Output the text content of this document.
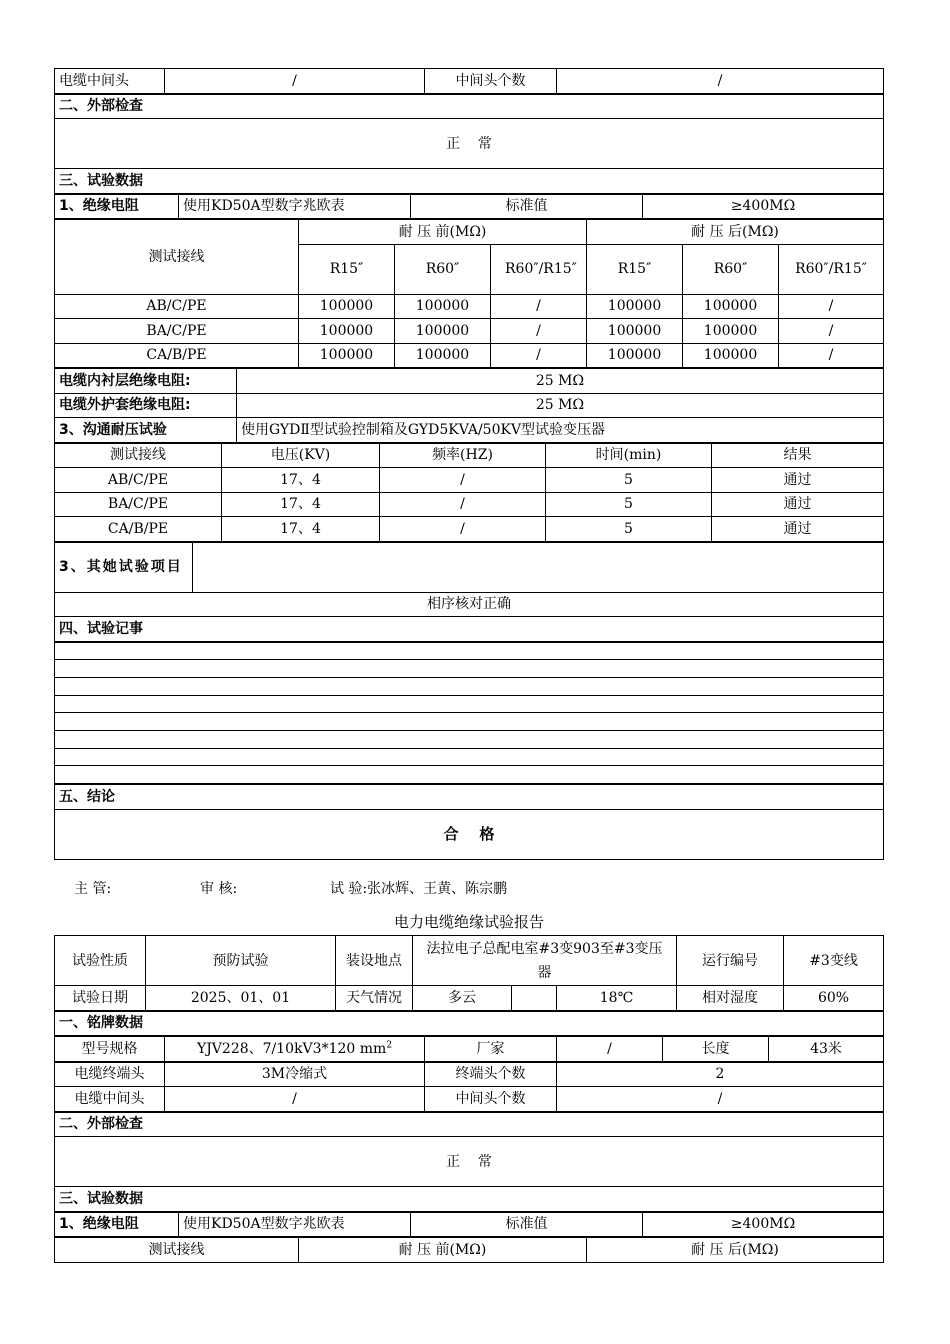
电缆中间头	/	中间头个数	/
二、外部检查
正    常
三、试验数据
1、绝缘电阻	使用KD50A型数字兆欧表	标准值	≥400MΩ
测试接线	耐 压 前(MΩ)			耐 压 后(MΩ)		
	R15″	R60″	R60″/R15″	R15″	R60″	R60″/R15″
AB/C/PE	100000	100000	/	100000	100000	/
BA/C/PE	100000	100000	/	100000	100000	/
CA/B/PE	100000	100000	/	100000	100000	/
电缆内衬层绝缘电阻:	25 MΩ
电缆外护套绝缘电阻:	25 MΩ
3、沟通耐压试验	使用GYDⅡ型试验控制箱及GYD5KVA/50KV型试验变压器
测试接线	电压(KV)	频率(HZ)	时间(min)	结果
AB/C/PE	17、4	/	5	通过
BA/C/PE	17、4	/	5	通过
CA/B/PE	17、4	/	5	通过
3、其她试验项目	
相序核对正确
四、试验记事

五、结论
合    格
主 管:	审 核:	试 验:张冰辉、王黄、陈宗鹏
电力电缆绝缘试验报告
试验性质	预防试验	装设地点	法拉电子总配电室#3变903至#3变压器			运行编号	#3变线
试验日期	2025、01、01	天气情况	多云		18℃	相对湿度	60%
一、铭牌数据
型号规格	YJV228、7/10kV3*120 $mm^2$	厂家	/	长度	43米
电缆终端头	3M冷缩式	终端头个数	2
电缆中间头	/	中间头个数	/
二、外部检查
正    常
三、试验数据
1、绝缘电阻	使用KD50A型数字兆欧表	标准值	≥400MΩ
测试接线	耐 压 前(MΩ)	耐 压 后(MΩ)
